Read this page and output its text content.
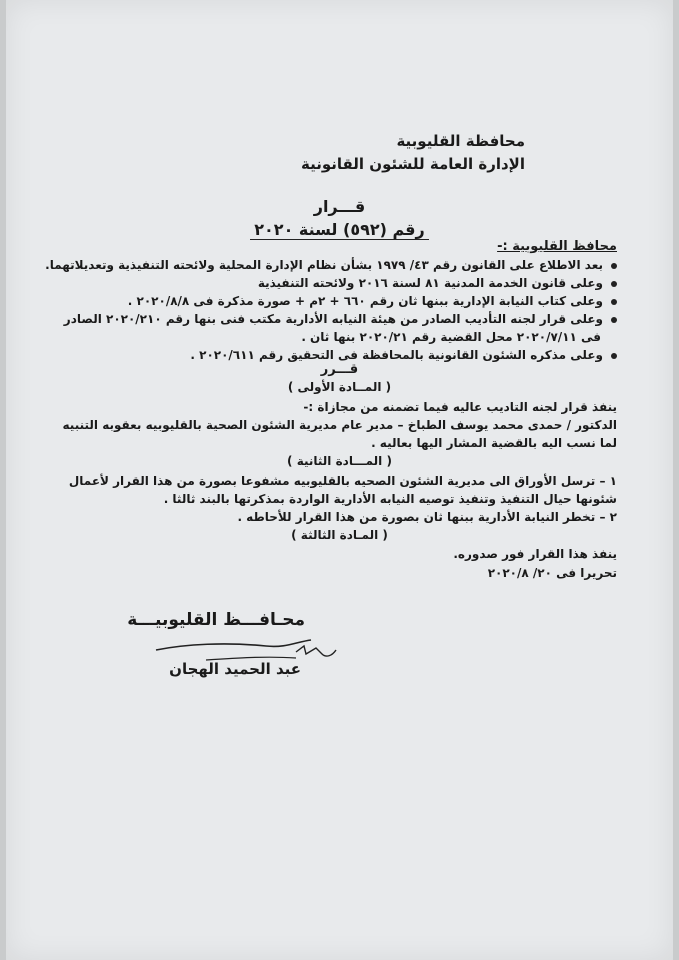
محافظة القليوبية
الإدارة العامة للشئون القانونية
قـــرار
رقم (٥٩٢) لسنة ٢٠٢٠
محافظ القليوبية :-
بعد الاطلاع على القانون رقم ٤٣/ ١٩٧٩ بشأن نظام الإدارة المحلية ولائحته التنفيذية وتعديلاتهما.
وعلى قانون الخدمة المدنية ٨١ لسنة ٢٠١٦ ولائحته التنفيذية
وعلى كتاب النيابة الإدارية ببنها ثان رقم ٦٦٠ + ٢م + صورة مذكرة فى ٢٠٢٠/٨/٨ .
وعلى قرار لجنه التأديب الصادر من هيئة النيابه الأدارية مكتب فنى بنها رقم ٢٠٢٠/٢١٠ الصادر
فى ٢٠٢٠/٧/١١ محل القضية رقم ٢٠٢٠/٢١ بنها ثان .
وعلى مذكره الشئون القانونية بالمحافظة فى التحقيق رقم ٢٠٢٠/٦١١ .
قـــرر
( المــادة الأولى )
ينفذ قرار لجنه التاديب عاليه فيما تضمنه من مجازاة :-
الدكتور / حمدى محمد يوسف الطباخ – مدير عام مديرية الشئون الصحية بالقليوبيه بعقوبه التنبيه
لما نسب اليه بالقضية المشار اليها بعاليه .
( المـــادة الثانية )
١ – ترسل الأوراق الى مديرية الشئون الصحيه بالقليوبيه مشفوعا بصورة من هذا القرار لأعمال
شئونها حيال التنفيذ وتنفيذ توصيه النيابه الأدارية الواردة بمذكرتها بالبند ثالثا .
٢ – تخطر النيابة الأدارية ببنها ثان بصورة من هذا القرار للأحاطه .
( المـادة الثالثة )
ينفذ هذا القرار فور صدوره.
تحريرا فى ٢٠/ ٢٠٢٠/٨
محـافـــظ القليوبيـــة
عبد الحميد الهجان
